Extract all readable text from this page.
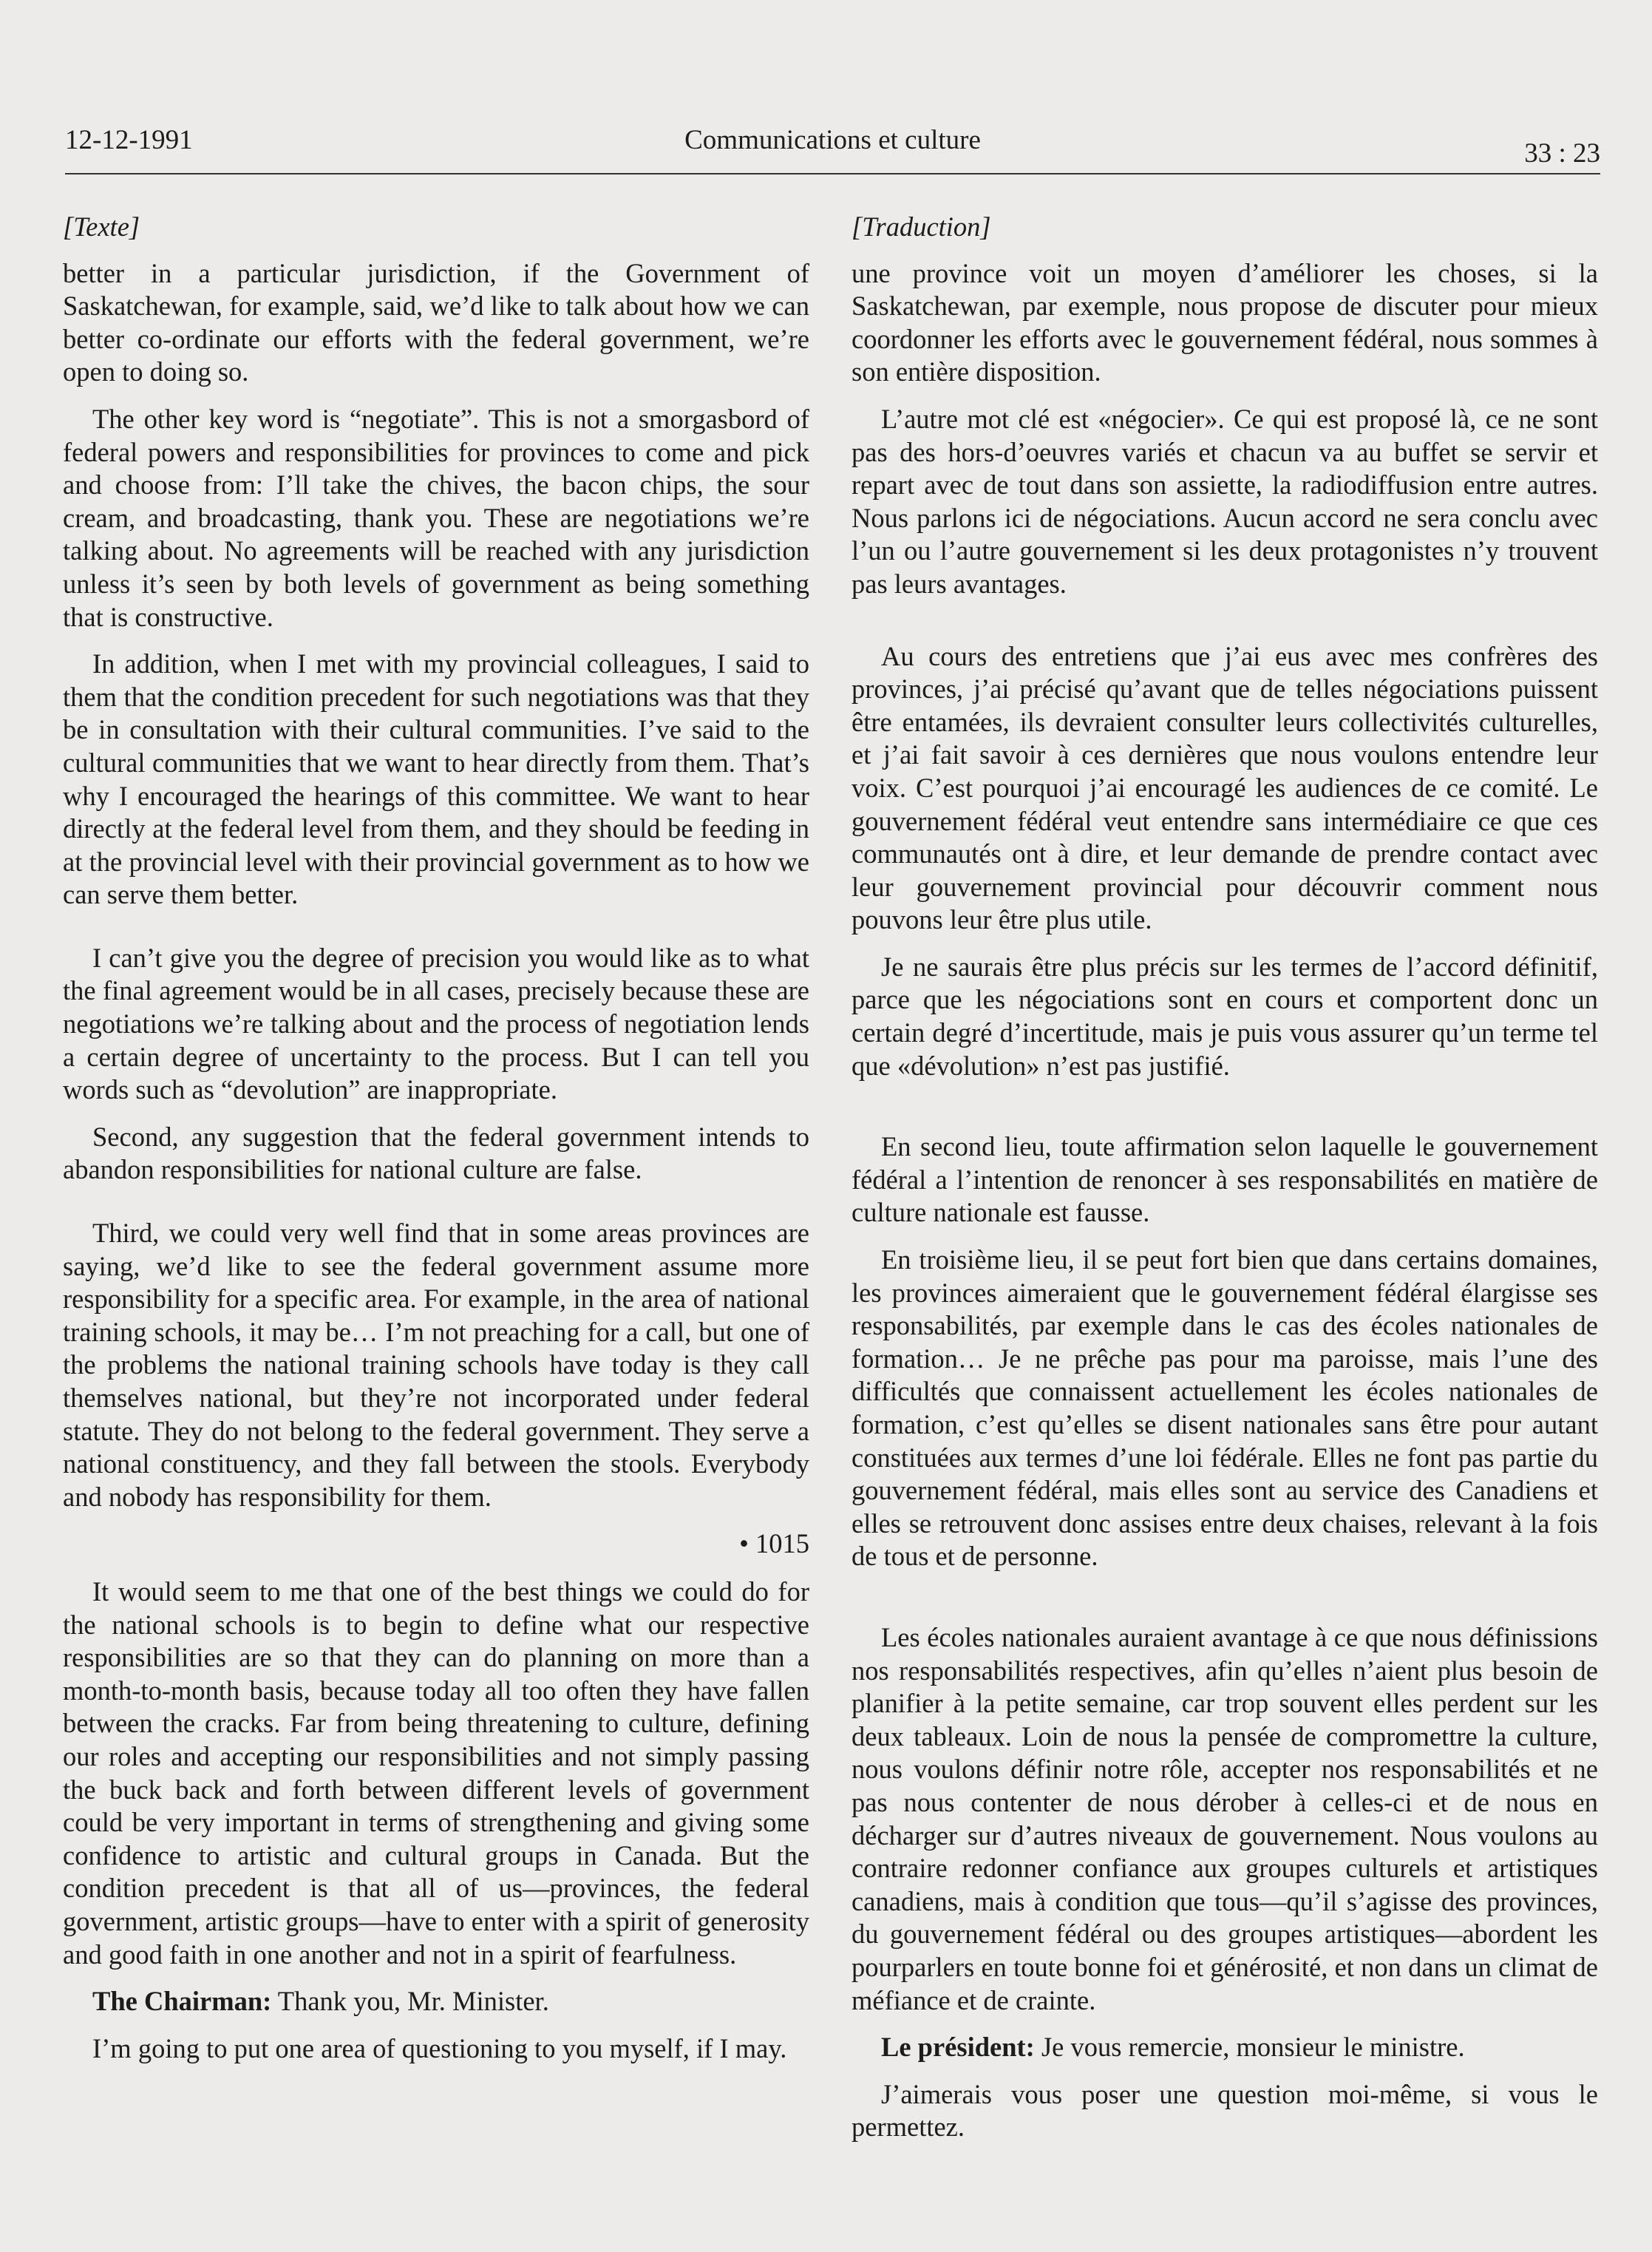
12-12-1991	Communications et culture	33 : 23
[Texte]

better in a particular jurisdiction, if the Government of Saskatchewan, for example, said, we’d like to talk about how we can better co-ordinate our efforts with the federal government, we’re open to doing so.

The other key word is “negotiate”. This is not a smorgasbord of federal powers and responsibilities for provinces to come and pick and choose from: I’ll take the chives, the bacon chips, the sour cream, and broadcasting, thank you. These are negotiations we’re talking about. No agreements will be reached with any jurisdiction unless it’s seen by both levels of government as being something that is constructive.

In addition, when I met with my provincial colleagues, I said to them that the condition precedent for such negotiations was that they be in consultation with their cultural communities. I’ve said to the cultural communities that we want to hear directly from them. That’s why I encouraged the hearings of this committee. We want to hear directly at the federal level from them, and they should be feeding in at the provincial level with their provincial government as to how we can serve them better.

I can’t give you the degree of precision you would like as to what the final agreement would be in all cases, precisely because these are negotiations we’re talking about and the process of negotiation lends a certain degree of uncertainty to the process. But I can tell you words such as “devolution” are inappropriate.

Second, any suggestion that the federal government intends to abandon responsibilities for national culture are false.

Third, we could very well find that in some areas provinces are saying, we’d like to see the federal government assume more responsibility for a specific area. For example, in the area of national training schools, it may be… I’m not preaching for a call, but one of the problems the national training schools have today is they call themselves national, but they’re not incorporated under federal statute. They do not belong to the federal government. They serve a national constituency, and they fall between the stools. Everybody and nobody has responsibility for them.

• 1015

It would seem to me that one of the best things we could do for the national schools is to begin to define what our respective responsibilities are so that they can do planning on more than a month-to-month basis, because today all too often they have fallen between the cracks. Far from being threatening to culture, defining our roles and accepting our responsibilities and not simply passing the buck back and forth between different levels of government could be very important in terms of strengthening and giving some confidence to artistic and cultural groups in Canada. But the condition precedent is that all of us—provinces, the federal government, artistic groups—have to enter with a spirit of generosity and good faith in one another and not in a spirit of fearfulness.

The Chairman: Thank you, Mr. Minister.

I’m going to put one area of questioning to you myself, if I may.

[Traduction]

une province voit un moyen d’améliorer les choses, si la Saskatchewan, par exemple, nous propose de discuter pour mieux coordonner les efforts avec le gouvernement fédéral, nous sommes à son entière disposition.

L’autre mot clé est «négocier». Ce qui est proposé là, ce ne sont pas des hors-d’oeuvres variés et chacun va au buffet se servir et repart avec de tout dans son assiette, la radiodiffusion entre autres. Nous parlons ici de négociations. Aucun accord ne sera conclu avec l’un ou l’autre gouvernement si les deux protagonistes n’y trouvent pas leurs avantages.

Au cours des entretiens que j’ai eus avec mes confrères des provinces, j’ai précisé qu’avant que de telles négociations puissent être entamées, ils devraient consulter leurs collectivités culturelles, et j’ai fait savoir à ces dernières que nous voulons entendre leur voix. C’est pourquoi j’ai encouragé les audiences de ce comité. Le gouvernement fédéral veut entendre sans intermédiaire ce que ces communautés ont à dire, et leur demande de prendre contact avec leur gouvernement provincial pour découvrir comment nous pouvons leur être plus utile.

Je ne saurais être plus précis sur les termes de l’accord définitif, parce que les négociations sont en cours et comportent donc un certain degré d’incertitude, mais je puis vous assurer qu’un terme tel que «dévolution» n’est pas justifié.

En second lieu, toute affirmation selon laquelle le gouvernement fédéral a l’intention de renoncer à ses responsabilités en matière de culture nationale est fausse.

En troisième lieu, il se peut fort bien que dans certains domaines, les provinces aimeraient que le gouvernement fédéral élargisse ses responsabilités, par exemple dans le cas des écoles nationales de formation… Je ne prêche pas pour ma paroisse, mais l’une des difficultés que connaissent actuellement les écoles nationales de formation, c’est qu’elles se disent nationales sans être pour autant constituées aux termes d’une loi fédérale. Elles ne font pas partie du gouvernement fédéral, mais elles sont au service des Canadiens et elles se retrouvent donc assises entre deux chaises, relevant à la fois de tous et de personne.

Les écoles nationales auraient avantage à ce que nous définissions nos responsabilités respectives, afin qu’elles n’aient plus besoin de planifier à la petite semaine, car trop souvent elles perdent sur les deux tableaux. Loin de nous la pensée de compromettre la culture, nous voulons définir notre rôle, accepter nos responsabilités et ne pas nous contenter de nous dérober à celles-ci et de nous en décharger sur d’autres niveaux de gouvernement. Nous voulons au contraire redonner confiance aux groupes culturels et artistiques canadiens, mais à condition que tous—qu’il s’agisse des provinces, du gouvernement fédéral ou des groupes artistiques—abordent les pourparlers en toute bonne foi et générosité, et non dans un climat de méfiance et de crainte.

Le président: Je vous remercie, monsieur le ministre.

J’aimerais vous poser une question moi-même, si vous le permettez.
